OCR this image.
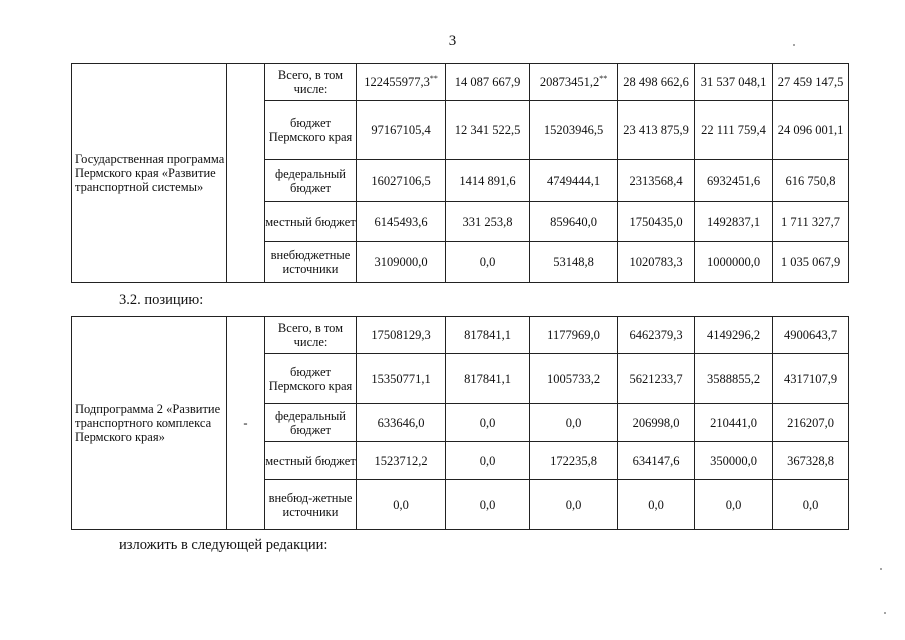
3
Государственная программа Пермского края «Развитие транспортной системы»		Всего, в том числе:	122455977,3**	14 087 667,9	20873451,2**	28 498 662,6	31 537 048,1	27 459 147,5
		бюджет Пермского края	97167105,4	12 341 522,5	15203946,5	23 413 875,9	22 111 759,4	24 096 001,1
		федеральный бюджет	16027106,5	1414 891,6	4749444,1	2313568,4	6932451,6	616 750,8
		местный бюджет	6145493,6	331 253,8	859640,0	1750435,0	1492837,1	1 711 327,7
		внебюджетные источники	3109000,0	0,0	53148,8	1020783,3	1000000,0	1 035 067,9
3.2. позицию:
Подпрограмма 2 «Развитие транспортного комплекса Пермского края»	-	Всего, в том числе:	17508129,3	817841,1	1177969,0	6462379,3	4149296,2	4900643,7
		бюджет Пермского края	15350771,1	817841,1	1005733,2	5621233,7	3588855,2	4317107,9
		федеральный бюджет	633646,0	0,0	0,0	206998,0	210441,0	216207,0
		местный бюджет	1523712,2	0,0	172235,8	634147,6	350000,0	367328,8
		внебюд-жетные источники	0,0	0,0	0,0	0,0	0,0	0,0
изложить в следующей редакции:
